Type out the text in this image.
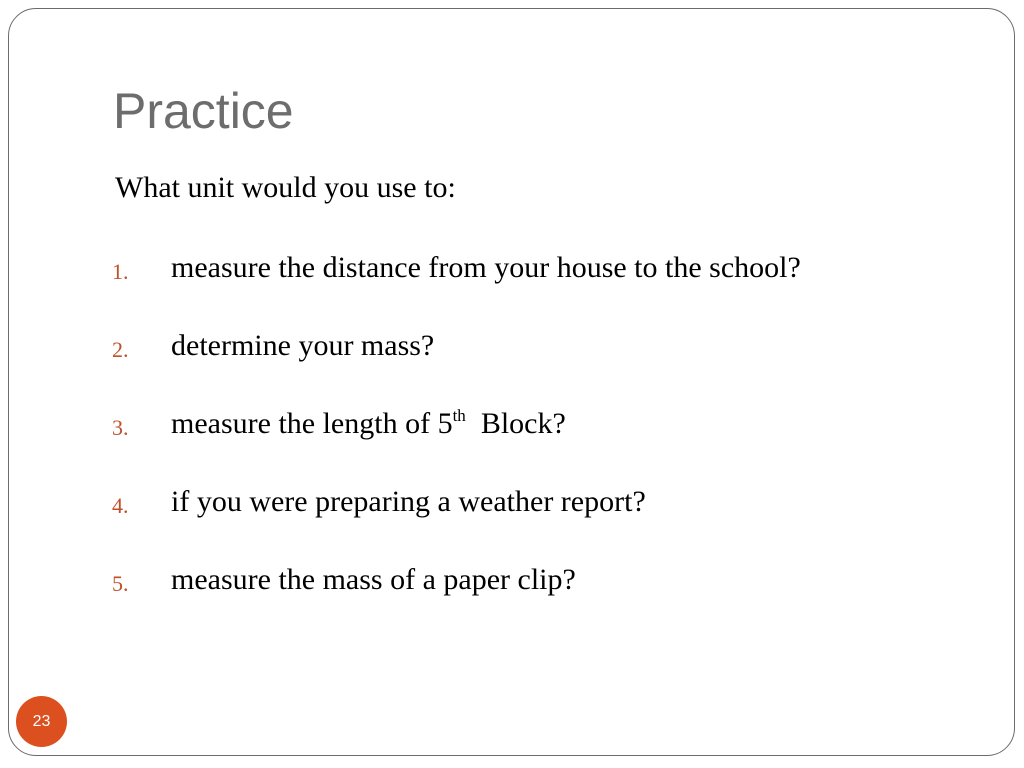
Practice
What unit would you use to:
1. measure the distance from your house to the school?
2. determine your mass?
3. measure the length of 5th  Block?
4. if you were preparing a weather report?
5. measure the mass of a paper clip?
23
